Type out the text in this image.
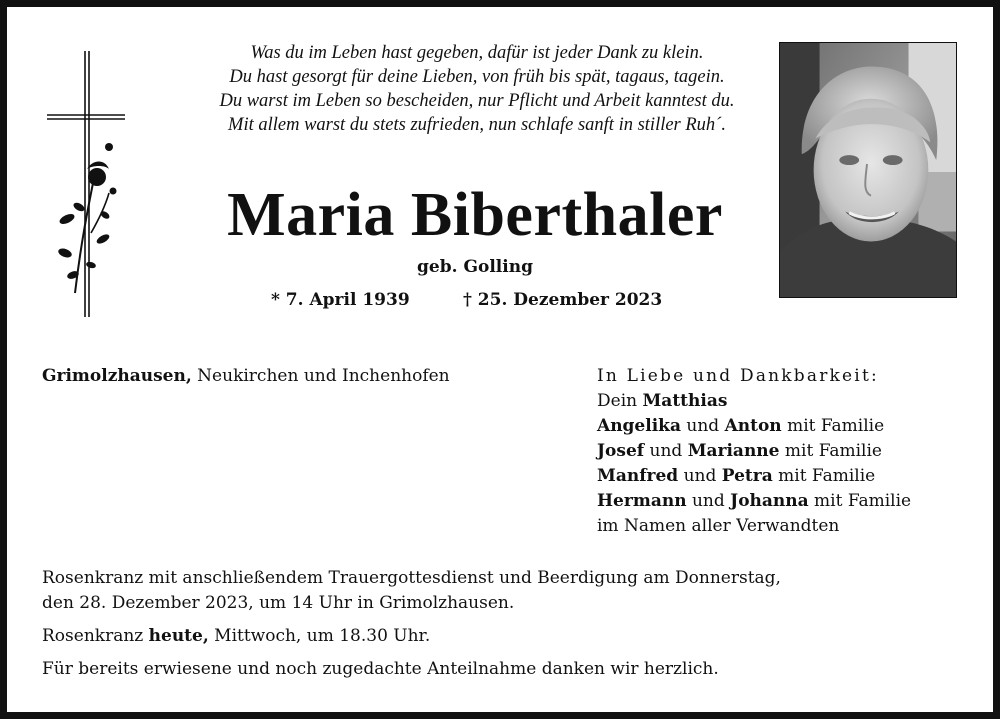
Was du im Leben hast gegeben, dafür ist jeder Dank zu klein.
Du hast gesorgt für deine Lieben, von früh bis spät, tagaus, tagein.
Du warst im Leben so bescheiden, nur Pflicht und Arbeit kanntest du.
Mit allem warst du stets zufrieden, nun schlafe sanft in stiller Ruh´.
Maria Biberthaler
geb. Golling
* 7. April 1939	† 25. Dezember 2023
Grimolzhausen, Neukirchen und Inchenhofen	In Liebe und Dankbarkeit:
Dein Matthias
Angelika und Anton mit Familie
Josef und Marianne mit Familie
Manfred und Petra mit Familie
Hermann und Johanna mit Familie
im Namen aller Verwandten

Rosenkranz mit anschließendem Trauergottesdienst und Beerdigung am Donnerstag,
den 28. Dezember 2023, um 14 Uhr in Grimolzhausen.

Rosenkranz heute, Mittwoch, um 18.30 Uhr.

Für bereits erwiesene und noch zugedachte Anteilnahme danken wir herzlich.
